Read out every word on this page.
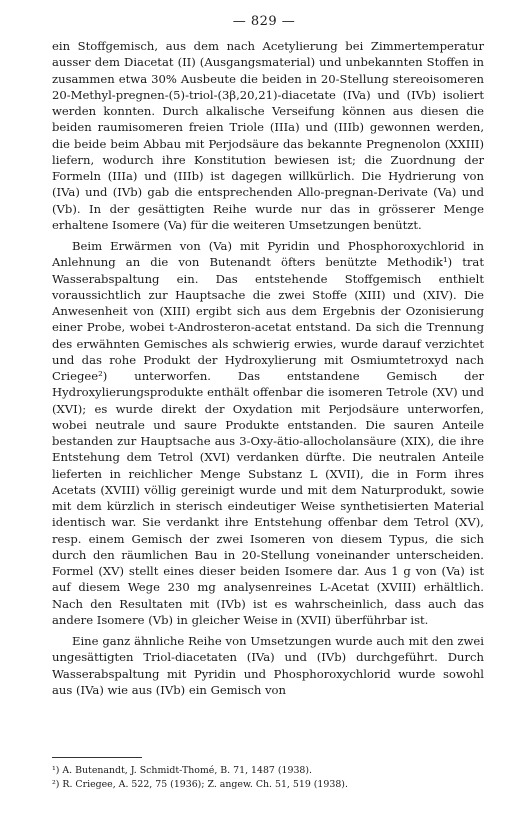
— 829 —

ein Stoffgemisch, aus dem nach Acetylierung bei Zimmertemperatur ausser dem Diacetat (II) (Ausgangsmaterial) und unbekannten Stoffen in zusammen etwa 30% Ausbeute die beiden in 20-Stellung stereoisomeren 20-Methyl-pregnen-(5)-triol-(3β,20,21)-diacetate (IVa) und (IVb) isoliert werden konnten. Durch alkalische Verseifung können aus diesen die beiden raumisomeren freien Triole (IIIa) und (IIIb) gewonnen werden, die beide beim Abbau mit Perjodsäure das bekannte Pregnenolon (XXIII) liefern, wodurch ihre Konstitution bewiesen ist; die Zuordnung der Formeln (IIIa) und (IIIb) ist dagegen willkürlich. Die Hydrierung von (IVa) und (IVb) gab die entsprechenden Allo-pregnan-Derivate (Va) und (Vb). In der gesättigten Reihe wurde nur das in grösserer Menge erhaltene Isomere (Va) für die weiteren Umsetzungen benützt.

Beim Erwärmen von (Va) mit Pyridin und Phosphoroxychlorid in Anlehnung an die von Butenandt öfters benützte Methodik¹) trat Wasserabspaltung ein. Das entstehende Stoffgemisch enthielt voraussichtlich zur Hauptsache die zwei Stoffe (XIII) und (XIV). Die Anwesenheit von (XIII) ergibt sich aus dem Ergebnis der Ozonisierung einer Probe, wobei t-Androsteron-acetat entstand. Da sich die Trennung des erwähnten Gemisches als schwierig erwies, wurde darauf verzichtet und das rohe Produkt der Hydroxylierung mit Osmiumtetroxyd nach Criegee²) unterworfen. Das entstandene Gemisch der Hydroxylierungsprodukte enthält offenbar die isomeren Tetrole (XV) und (XVI); es wurde direkt der Oxydation mit Perjodsäure unterworfen, wobei neutrale und saure Produkte entstanden. Die sauren Anteile bestanden zur Hauptsache aus 3-Oxy-ätio-allocholansäure (XIX), die ihre Entstehung dem Tetrol (XVI) verdanken dürfte. Die neutralen Anteile lieferten in reichlicher Menge Substanz L (XVII), die in Form ihres Acetats (XVIII) völlig gereinigt wurde und mit dem Naturprodukt, sowie mit dem kürzlich in sterisch eindeutiger Weise synthetisierten Material identisch war. Sie verdankt ihre Entstehung offenbar dem Tetrol (XV), resp. einem Gemisch der zwei Isomeren von diesem Typus, die sich durch den räumlichen Bau in 20-Stellung voneinander unterscheiden. Formel (XV) stellt eines dieser beiden Isomere dar. Aus 1 g von (Va) ist auf diesem Wege 230 mg analysenreines L-Acetat (XVIII) erhältlich. Nach den Resultaten mit (IVb) ist es wahrscheinlich, dass auch das andere Isomere (Vb) in gleicher Weise in (XVII) überführbar ist.

Eine ganz ähnliche Reihe von Umsetzungen wurde auch mit den zwei ungesättigten Triol-diacetaten (IVa) und (IVb) durchgeführt. Durch Wasserabspaltung mit Pyridin und Phosphoroxychlorid wurde sowohl aus (IVa) wie aus (IVb) ein Gemisch von

¹) A. Butenandt, J. Schmidt-Thomé, B. 71, 1487 (1938).
²) R. Criegee, A. 522, 75 (1936); Z. angew. Ch. 51, 519 (1938).
